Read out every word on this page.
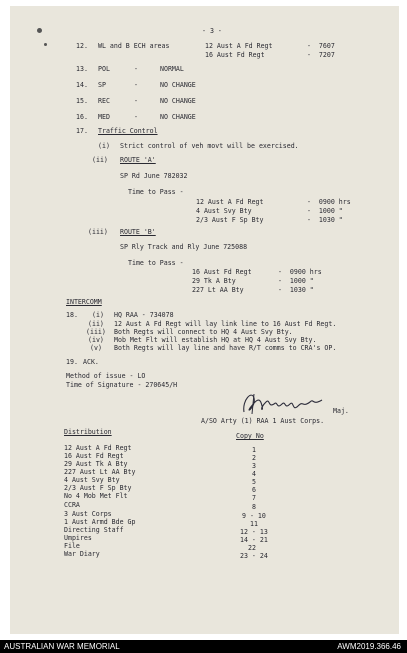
- 3 -
12. WL and B ECH areas	12 Aust A Fd Regt	-  7607
16 Aust Fd Regt	-  7207
13. POL	-	NORMAL
14. SP	-	NO CHANGE
15. REC	-	NO CHANGE
16. MED	-	NO CHANGE
17. Traffic Control
(i) Strict control of veh movt will be exercised.
(ii) ROUTE 'A'
SP Rd June 782032
Time to Pass -
12 Aust A Fd Regt	-  0900 hrs
4 Aust Svy Bty	-  1000 "
2/3 Aust F Sp Bty	-  1030 "
(iii) ROUTE 'B'
SP Rly Track and Rly June 725088
Time to Pass -
16 Aust Fd Regt	-  0900 hrs
29 Tk A Bty	-  1000 "
227 Lt AA Bty	-  1030 "
INTERCOMM
18. (i) HQ RAA - 734078
(ii) 12 Aust A Fd Regt will lay link line to 16 Aust Fd Regt.
(iii) Both Regts will connect to HQ 4 Aust Svy Bty.
(iv) Mob Met Flt will establish HQ at HQ 4 Aust Svy Bty.
(v) Both Regts will lay line and have R/T comms to CRA's OP.
19. ACK.
Method of issue - LO
Time of Signature - 270645/H
Maj.
A/SO Arty (1) RAA 1 Aust Corps.
Distribution	Copy No
12 Aust A Fd Regt	1
16 Aust Fd Regt	2
29 Aust Tk A Bty	3
227 Aust Lt AA Bty	4
4 Aust Svy Bty	5
2/3 Aust F Sp Bty	6
No 4 Mob Met Flt	7
CCRA	8
3 Aust Corps	9 - 10
1 Aust Armd Bde Gp	11
Directing Staff	12 - 13
Umpires	14 - 21
File	22
War Diary	23 - 24
AUSTRALIAN WAR MEMORIAL	AWM2019.366.46
